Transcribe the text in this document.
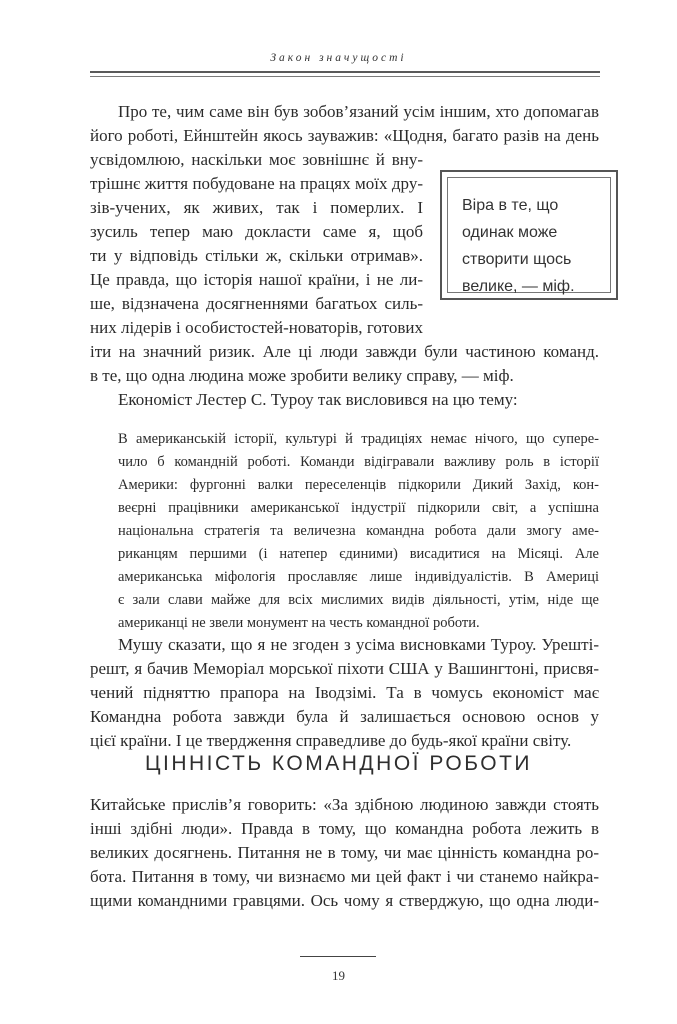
Закон значущості
Про те, чим саме він був зобов’язаний усім іншим, хто допомагав
його роботі, Ейнштейн якось зауважив: «Щодня, багато разів на день
усвідомлюю, наскільки моє зовнішнє й вну-
трішнє життя побудоване на працях моїх дру-
зів-учених, як живих, так і померлих. І
зусиль тепер маю докласти саме я, щоб
ти у відповідь стільки ж, скільки отримав».
Це правда, що історія нашої країни, і не ли-
ше, відзначена досягненнями багатьох силь-
них лідерів і особистостей-новаторів, готових
іти на значний ризик. Але ці люди завжди були частиною команд.
в те, що одна людина може зробити велику справу, — міф.
Віра в те, що
одинак може
створити щось
велике, — міф.
Економіст Лестер С. Туроу так висловився на цю тему:
В американській історії, культурі й традиціях немає нічого, що супере-
чило б командній роботі. Команди відігравали важливу роль в історії
Америки: фургонні валки переселенців підкорили Дикий Захід, кон-
веєрні працівники американської індустрії підкорили світ, а успішна
національна стратегія та величезна командна робота дали змогу аме-
риканцям першими (і натепер єдиними) висадитися на Місяці. Але
американська міфологія прославляє лише індивідуалістів. В Америці
є зали слави майже для всіх мислимих видів діяльності, утім, ніде ще
американці не звели монумент на честь командної роботи.
Мушу сказати, що я не згоден з усіма висновками Туроу. Урешті-
решт, я бачив Меморіал морської піхоти США у Вашингтоні, присвя-
чений підняттю прапора на Іводзімі. Та в чомусь економіст має
Командна робота завжди була й залишається основою основ у
ЦІННІСТЬ КОМАНДНОЇ РОБОТИ
Китайське прислів’я говорить: «За здібною людиною завжди стоять
інші здібні люди». Правда в тому, що командна робота лежить в
великих досягнень. Питання не в тому, чи має цінність командна ро-
бота. Питання в тому, чи визнаємо ми цей факт і чи станемо найкра-
щими командними гравцями. Ось чому я стверджую, що одна люди-
19
цієї країни. І це твердження справедливе до будь-якої країни світу.
